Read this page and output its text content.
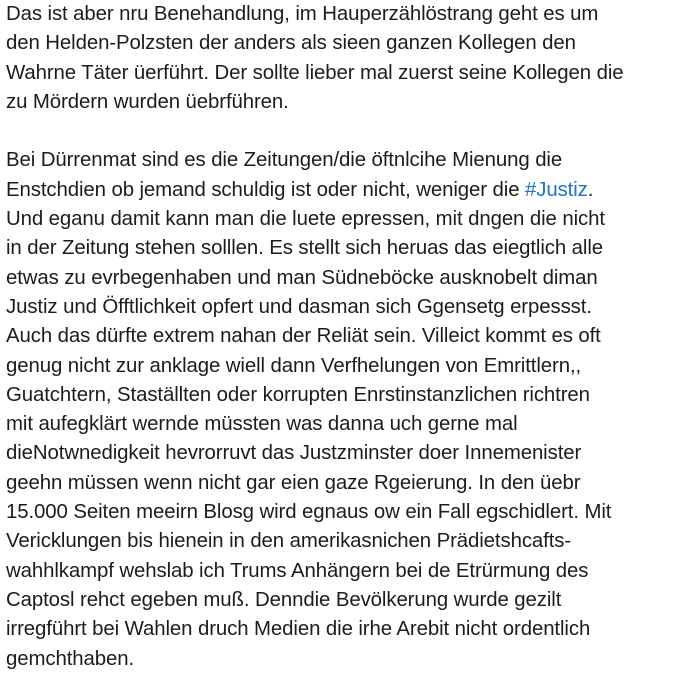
Das ist aber nru Benehandlung, im Hauperzählöstrang geht es um
den Helden-Polzsten der anders als sieen ganzen Kollegen den
Wahrne Täter üerführt. Der sollte lieber mal zuerst seine Kollegen die
zu Mördern wurden üebrführen.
Bei Dürrenmat sind es die Zeitungen/die öftnlcihe Mienung die
Enstchdien ob jemand schuldig ist oder nicht, weniger die #Justiz.
Und eganu damit kann man die luete epressen, mit dngen die nicht
in der Zeitung stehen solllen. Es stellt sich heruas das eiegtlich alle
etwas zu evrbegenhaben und man Südneböcke ausknobelt diman
Justiz und Öfftlichkeit opfert und dasman sich Ggensetg erpessst.
Auch das dürfte extrem nahan der Reliät sein. Villeict kommt es oft
genug nicht zur anklage wiell dann Verfhelungen von Emrittlern,,
Guatchtern, Staställten oder korrupten Enrstinstanzlichen richtren
mit aufegklärt wernde müssten was danna uch gerne mal
dieNotwnedigkeit hevrorruvt das Justzminster doer Innemenister
geehn müssen wenn nicht gar eien gaze Rgeierung. In den üebr
15.000 Seiten meeirn Blosg wird egnaus ow ein Fall egschidlert. Mit
Vericklungen bis hienein in den amerikasnichen Prädietshcafts-
wahhlkampf wehslab ich Trums Anhängern bei de Etrürmung des
Captosl rehct egeben muß. Denndie Bevölkerung wurde gezilt
irregführt bei Wahlen druch Medien die irhe Arebit nicht ordentlich
gemchthaben.
